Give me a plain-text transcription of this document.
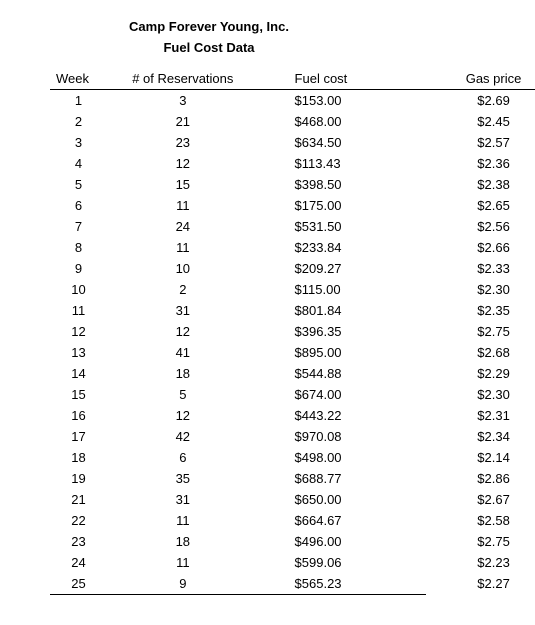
Camp Forever Young, Inc.
Fuel Cost Data
Week	# of Reservations		Fuel cost		Gas price
1	3		$153.00		$2.69
2	21		$468.00		$2.45
3	23		$634.50		$2.57
4	12		$113.43		$2.36
5	15		$398.50		$2.38
6	11		$175.00		$2.65
7	24		$531.50		$2.56
8	11		$233.84		$2.66
9	10		$209.27		$2.33
10	2		$115.00		$2.30
11	31		$801.84		$2.35
12	12		$396.35		$2.75
13	41		$895.00		$2.68
14	18		$544.88		$2.29
15	5		$674.00		$2.30
16	12		$443.22		$2.31
17	42		$970.08		$2.34
18	6		$498.00		$2.14
19	35		$688.77		$2.86
21	31		$650.00		$2.67
22	11		$664.67		$2.58
23	18		$496.00		$2.75
24	11		$599.06		$2.23
25	9		$565.23		$2.27
